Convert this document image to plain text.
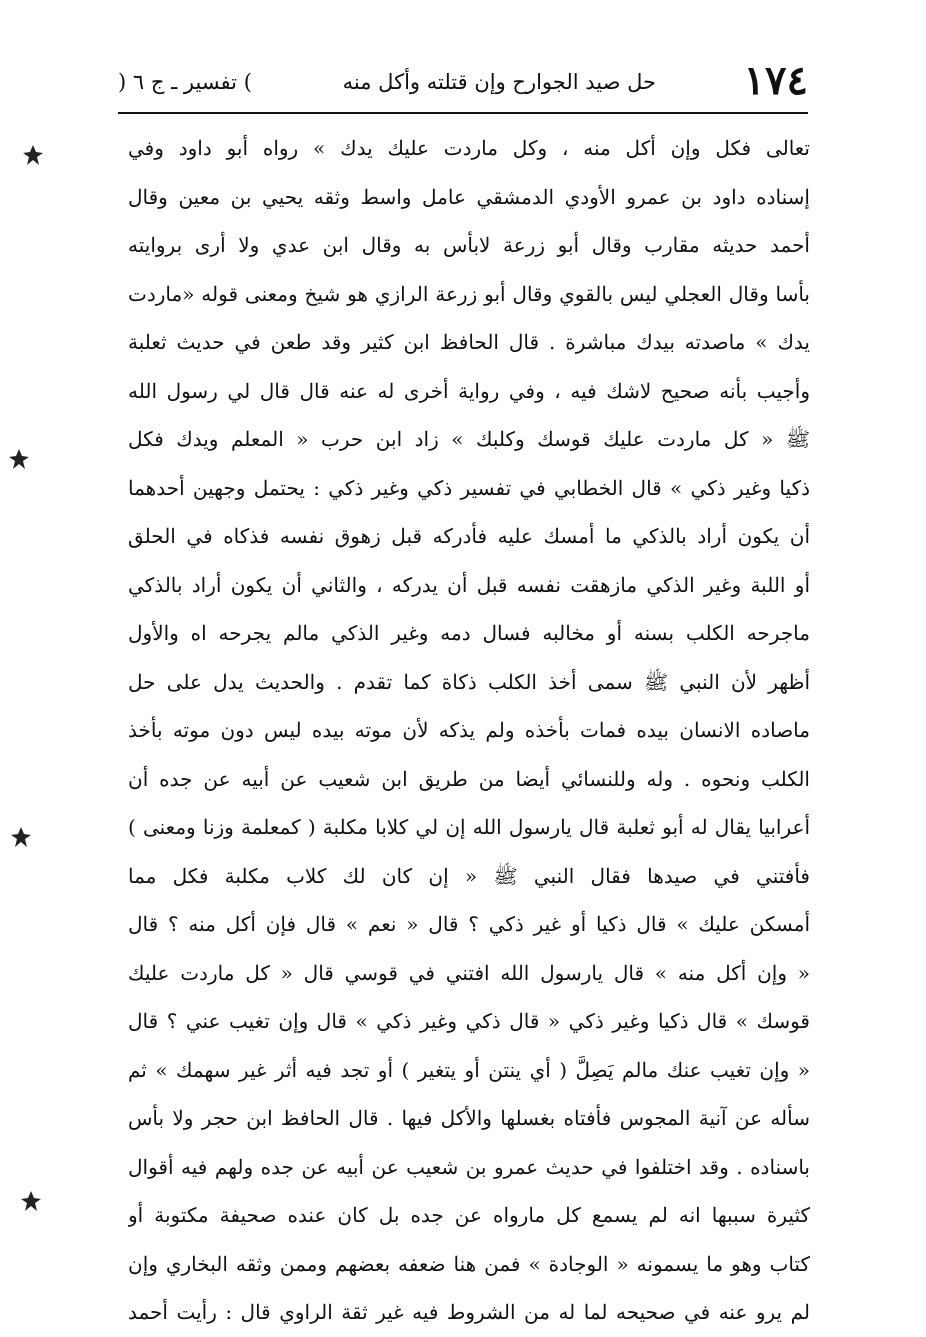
١٧٤
حل صيد الجوارح وإن قتلته وأكل منه
) تفسير ـ ج ٦ (
تعالى فكل وإن أكل منه ، وكل ماردت عليك يدك » رواه أبو داود وفي
إسناده داود بن عمرو الأودي الدمشقي عامل واسط وثقه يحيي بن معين وقال
أحمد حديثه مقارب وقال أبو زرعة لابأس به وقال ابن عدي ولا أرى بروايته
بأسا وقال العجلي ليس بالقوي وقال أبو زرعة الرازي هو شيخ ومعنى قوله «ماردت
يدك » ماصدته بيدك مباشرة . قال الحافظ ابن كثير وقد طعن في حديث ثعلبة
وأجيب بأنه صحيح لاشك فيه ، وفي رواية أخرى له عنه قال قال لي رسول الله
ﷺ « كل ماردت عليك قوسك وكلبك » زاد ابن حرب « المعلم ويدك فكل
ذكيا وغير ذكي » قال الخطابي في تفسير ذكي وغير ذكي : يحتمل وجهين أحدهما
أن يكون أراد بالذكي ما أمسك عليه فأدركه قبل زهوق نفسه فذكاه في الحلق
أو اللبة وغير الذكي مازهقت نفسه قبل أن يدركه ، والثاني أن يكون أراد بالذكي
ماجرحه الكلب بسنه أو مخالبه فسال دمه وغير الذكي مالم يجرحه اه والأول
أظهر لأن النبي ﷺ سمى أخذ الكلب ذكاة كما تقدم . والحديث يدل على حل
ماصاده الانسان بيده فمات بأخذه ولم يذكه لأن موته بيده ليس دون موته بأخذ
الكلب ونحوه . وله وللنسائي أيضا من طريق ابن شعيب عن أبيه عن جده أن
أعرابيا يقال له أبو ثعلبة قال يارسول الله إن لي كلابا مكلبة ( كمعلمة وزنا ومعنى )
فأفتني في صيدها فقال النبي ﷺ « إن كان لك كلاب مكلبة فكل مما
أمسكن عليك » قال ذكيا أو غير ذكي ؟ قال « نعم » قال فإن أكل منه ؟ قال
« وإن أكل منه » قال يارسول الله افتني في قوسي قال « كل ماردت عليك
قوسك » قال ذكيا وغير ذكي « قال ذكي وغير ذكي » قال وإن تغيب عني ؟ قال
« وإن تغيب عنك مالم يَصِلَّ ( أي ينتن أو يتغير ) أو تجد فيه أثر غير سهمك » ثم
سأله عن آنية المجوس فأفتاه بغسلها والأكل فيها . قال الحافظ ابن حجر ولا بأس
باسناده . وقد اختلفوا في حديث عمرو بن شعيب عن أبيه عن جده ولهم فيه أقوال
كثيرة سببها انه لم يسمع كل مارواه عن جده بل كان عنده صحيفة مكتوبة أو
كتاب وهو ما يسمونه « الوجادة » فمن هنا ضعفه بعضهم وممن وثقه البخاري وإن
لم يرو عنه في صحيحه لما له من الشروط فيه غير ثقة الراوي قال : رأيت أحمد
